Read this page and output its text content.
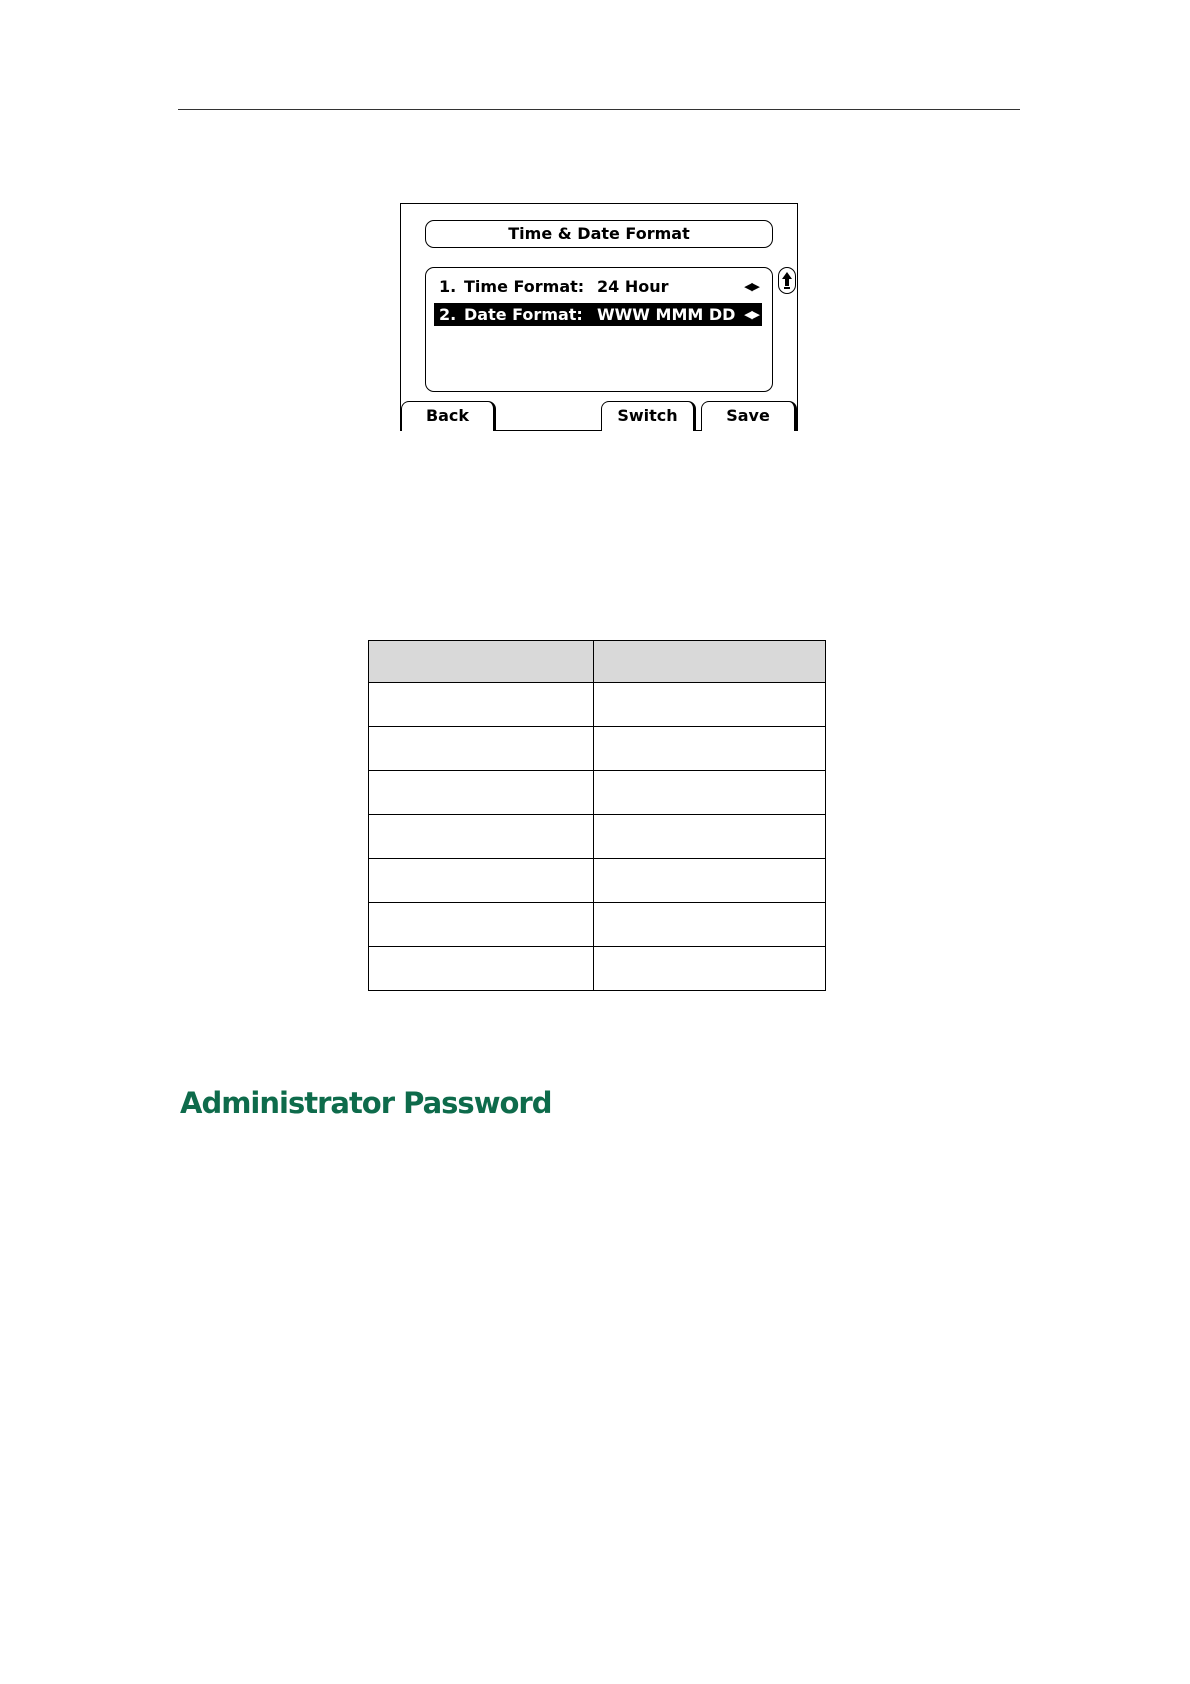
Time & Date Format
1. Time Format: 24 Hour	◀▶
2. Date Format: WWW MMM DD ◀▶
Back	Switch	Save

Administrator Password
